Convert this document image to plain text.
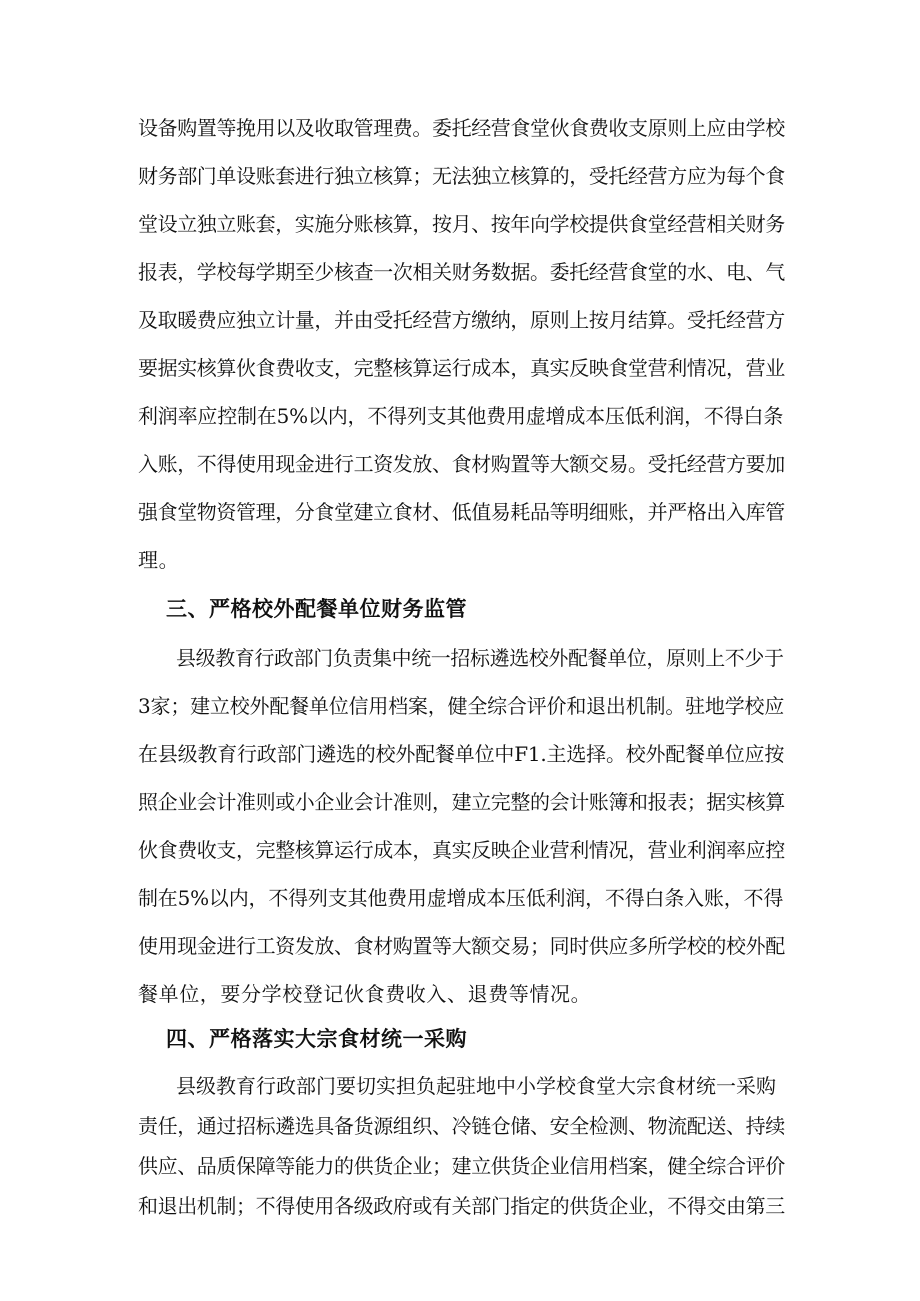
设备购置等挽用以及收取管理费。委托经营食堂伙食费收支原则上应由学校
财务部门单设账套进行独立核算；无法独立核算的，受托经营方应为每个食
堂设立独立账套，实施分账核算，按月、按年向学校提供食堂经营相关财务
报表，学校每学期至少核查一次相关财务数据。委托经营食堂的水、电、气
及取暖费应独立计量，并由受托经营方缴纳，原则上按月结算。受托经营方
要据实核算伙食费收支，完整核算运行成本，真实反映食堂营利情况，营业
利润率应控制在5%以内，不得列支其他费用虚增成本压低利润，不得白条
入账，不得使用现金进行工资发放、食材购置等大额交易。受托经营方要加
强食堂物资管理，分食堂建立食材、低值易耗品等明细账，并严格出入库管
理。
三、严格校外配餐单位财务监管
县级教育行政部门负责集中统一招标遴选校外配餐单位，原则上不少于
3家；建立校外配餐单位信用档案，健全综合评价和退出机制。驻地学校应
在县级教育行政部门遴选的校外配餐单位中F1.主选择。校外配餐单位应按
照企业会计准则或小企业会计准则，建立完整的会计账簿和报表；据实核算
伙食费收支，完整核算运行成本，真实反映企业营利情况，营业利润率应控
制在5%以内，不得列支其他费用虚增成本压低利润，不得白条入账，不得
使用现金进行工资发放、食材购置等大额交易；同时供应多所学校的校外配
餐单位，要分学校登记伙食费收入、退费等情况。
四、严格落实大宗食材统一采购
县级教育行政部门要切实担负起驻地中小学校食堂大宗食材统一采购
责任，通过招标遴选具备货源组织、冷链仓储、安全检测、物流配送、持续
供应、品质保障等能力的供货企业；建立供货企业信用档案，健全综合评价
和退出机制；不得使用各级政府或有关部门指定的供货企业，不得交由第三
